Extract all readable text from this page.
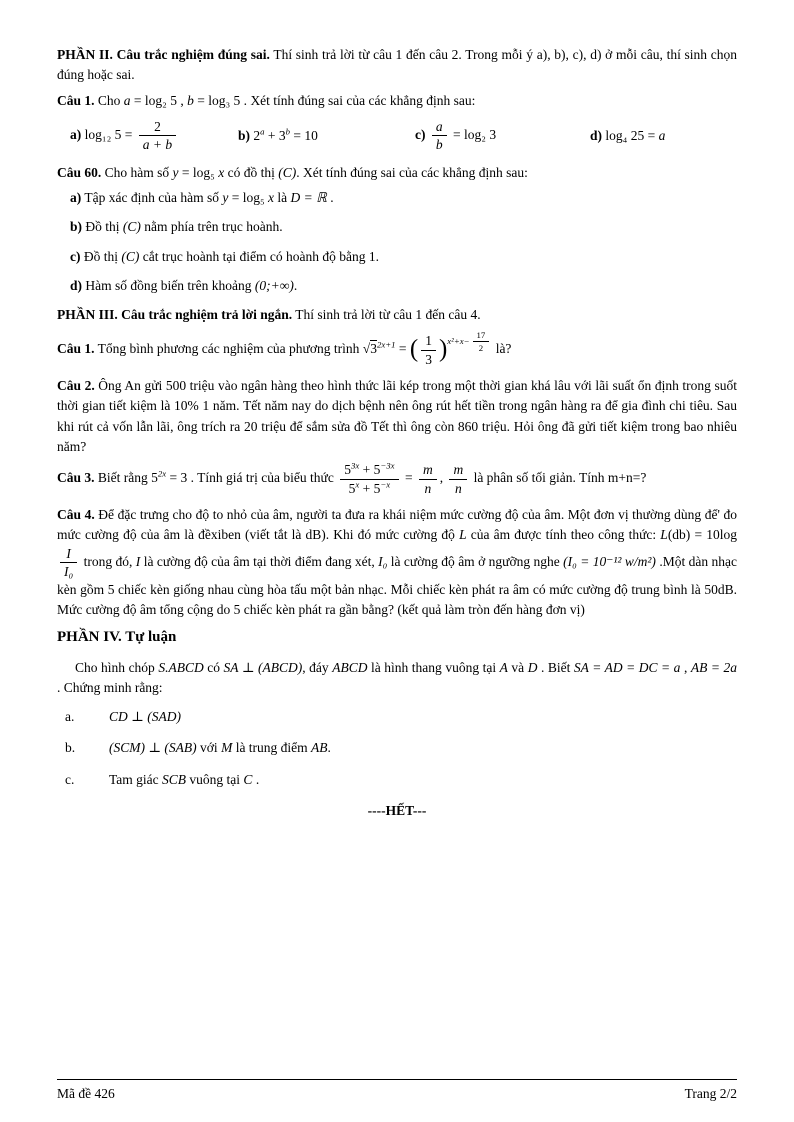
PHẦN II. Câu trắc nghiệm đúng sai. Thí sinh trả lời từ câu 1 đến câu 2. Trong mỗi ý a), b), c), d) ở mỗi câu, thí sinh chọn đúng hoặc sai.

Câu 1. Cho a = log₂ 5 , b = log₃ 5 . Xét tính đúng sai của các khẳng định sau:

a) log₁₂ $5 = \frac{2}{a + b}$	b) $2^a + 3^b = 10$	$c) \frac{a}{b} = \log_2$ 3	d) log₄ 25 = a

Câu 60. Cho hàm số y = log₅ x có đồ thị (C). Xét tính đúng sai của các khẳng định sau:

a) Tập xác định của hàm số y = log₅ x là D = ℝ .

b) Đồ thị (C) nằm phía trên trục hoành.

c) Đồ thị (C) cắt trục hoành tại điểm có hoành độ bằng 1.

d) Hàm số đồng biến trên khoảng (0;+∞).

PHẦN III. Câu trắc nghiệm trả lời ngắn. Thí sinh trả lời từ câu 1 đến câu 4.

Câu 1. Tổng bình phương các nghiệm của phương trình $√3^{2x+1}$ = ( $\frac{1}{3} )^{x^2+x- \frac{17}{2}}$ là?

Câu 2. Ông An gửi 500 triệu vào ngân hàng theo hình thức lãi kép trong một thời gian khá lâu với lãi suất ổn định trong suốt thời gian tiết kiệm là 10% 1 năm. Tết năm nay do dịch bệnh nên ông rút hết tiền trong ngân hàng ra để gia đình chi tiêu. Sau khi rút cả vốn lẫn lãi, ông trích ra 20 triệu để sắm sửa đồ Tết thì ông còn 860 triệu. Hỏi ông đã gửi tiết kiệm trong bao nhiêu năm?

Câu 3. Biết rằng $5^{2x} = 3$ . Tính giá trị của biểu thức $\frac{5^{3x} + 5^{-3x}}{5^x + 5^{-x}} = \frac{m}{n}$ , $\frac{m}{n}$ là phân số tối giản. Tính m+n=?

Câu 4. Để đặc trưng cho độ to nhỏ của âm, người ta đưa ra khái niệm mức cường độ của âm. Một đơn vị thường dùng để' đo mức cường độ của âm là đềxiben (viết tắt là dB). Khi đó mức cường độ L của âm được tính theo công thức: L(db) = 10log
$\frac{I}{\text{I₀}}$ trong đó, I là cường độ của âm tại thời điểm đang xét, I₀ là cường độ âm ở ngưỡng nghe (I₀ = 10⁻¹² w/m²) .Một dàn nhạc kèn gồm 5 chiếc kèn giống nhau cùng hòa tấu một bản nhạc. Mỗi chiếc kèn phát ra âm có mức cường độ trung bình là 50dB. Mức cường độ âm tổng cộng do 5 chiếc kèn phát ra gần bằng? (kết quả làm tròn đến hàng đơn vị)

PHẦN IV. Tự luận

Cho hình chóp S.ABCD có SA ⊥ (ABCD), đáy ABCD là hình thang vuông tại A và D . Biết SA = AD = DC = a , AB = 2a . Chứng minh rằng:

a.	CD ⊥ (SAD)
b.	(SCM) ⊥ (SAB) với M là trung điểm AB.
c.	Tam giác SCB vuông tại C .

----HẾT---

Mã đề 426	Trang 2/2
